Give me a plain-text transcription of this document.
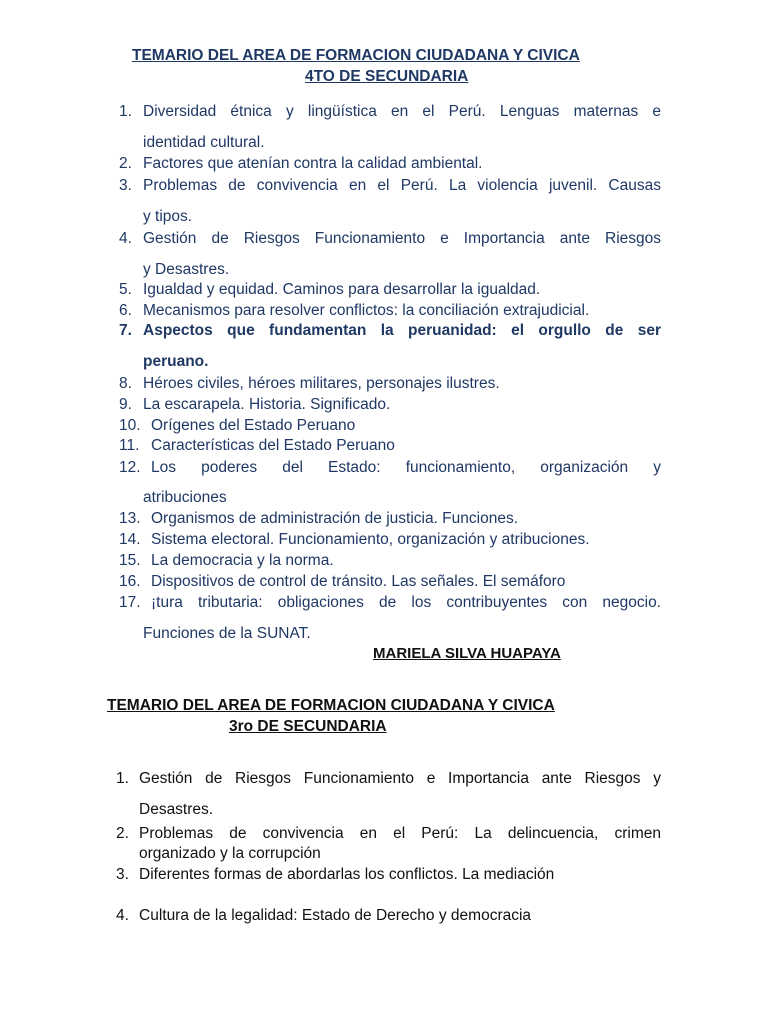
TEMARIO DEL AREA DE FORMACION CIUDADANA Y CIVICA
4TO DE SECUNDARIA
1. Diversidad étnica y lingüística en el Perú. Lenguas maternas e
identidad cultural.
2. Factores que atenían contra la calidad ambiental.
3. Problemas de convivencia en el Perú. La violencia juvenil. Causas
y tipos.
4. Gestión de Riesgos Funcionamiento e Importancia ante Riesgos
y Desastres.
5. Igualdad y equidad. Caminos para desarrollar la igualdad.
6. Mecanismos para resolver conflictos: la conciliación extrajudicial.
7. Aspectos que fundamentan la peruanidad: el orgullo de ser
peruano.
8. Héroes civiles, héroes militares, personajes ilustres.
9. La escarapela. Historia. Significado.
10. Orígenes del Estado Peruano
11. Características del Estado Peruano
12. Los poderes del Estado: funcionamiento, organización y
atribuciones
13. Organismos de administración de justicia. Funciones.
14. Sistema electoral. Funcionamiento, organización y atribuciones.
15. La democracia y la norma.
16. Dispositivos de control de tránsito. Las señales. El semáforo
17. ¡tura tributaria: obligaciones de los contribuyentes con negocio.
Funciones de la SUNAT.
MARIELA SILVA HUAPAYA
TEMARIO DEL AREA DE FORMACION CIUDADANA Y CIVICA
3ro DE SECUNDARIA
1. Gestión de Riesgos Funcionamiento e Importancia ante Riesgos y
Desastres.
2. Problemas de convivencia en el Perú: La delincuencia, crimen
organizado y la corrupción
3. Diferentes formas de abordarlas los conflictos. La mediación
4. Cultura de la legalidad: Estado de Derecho y democracia
